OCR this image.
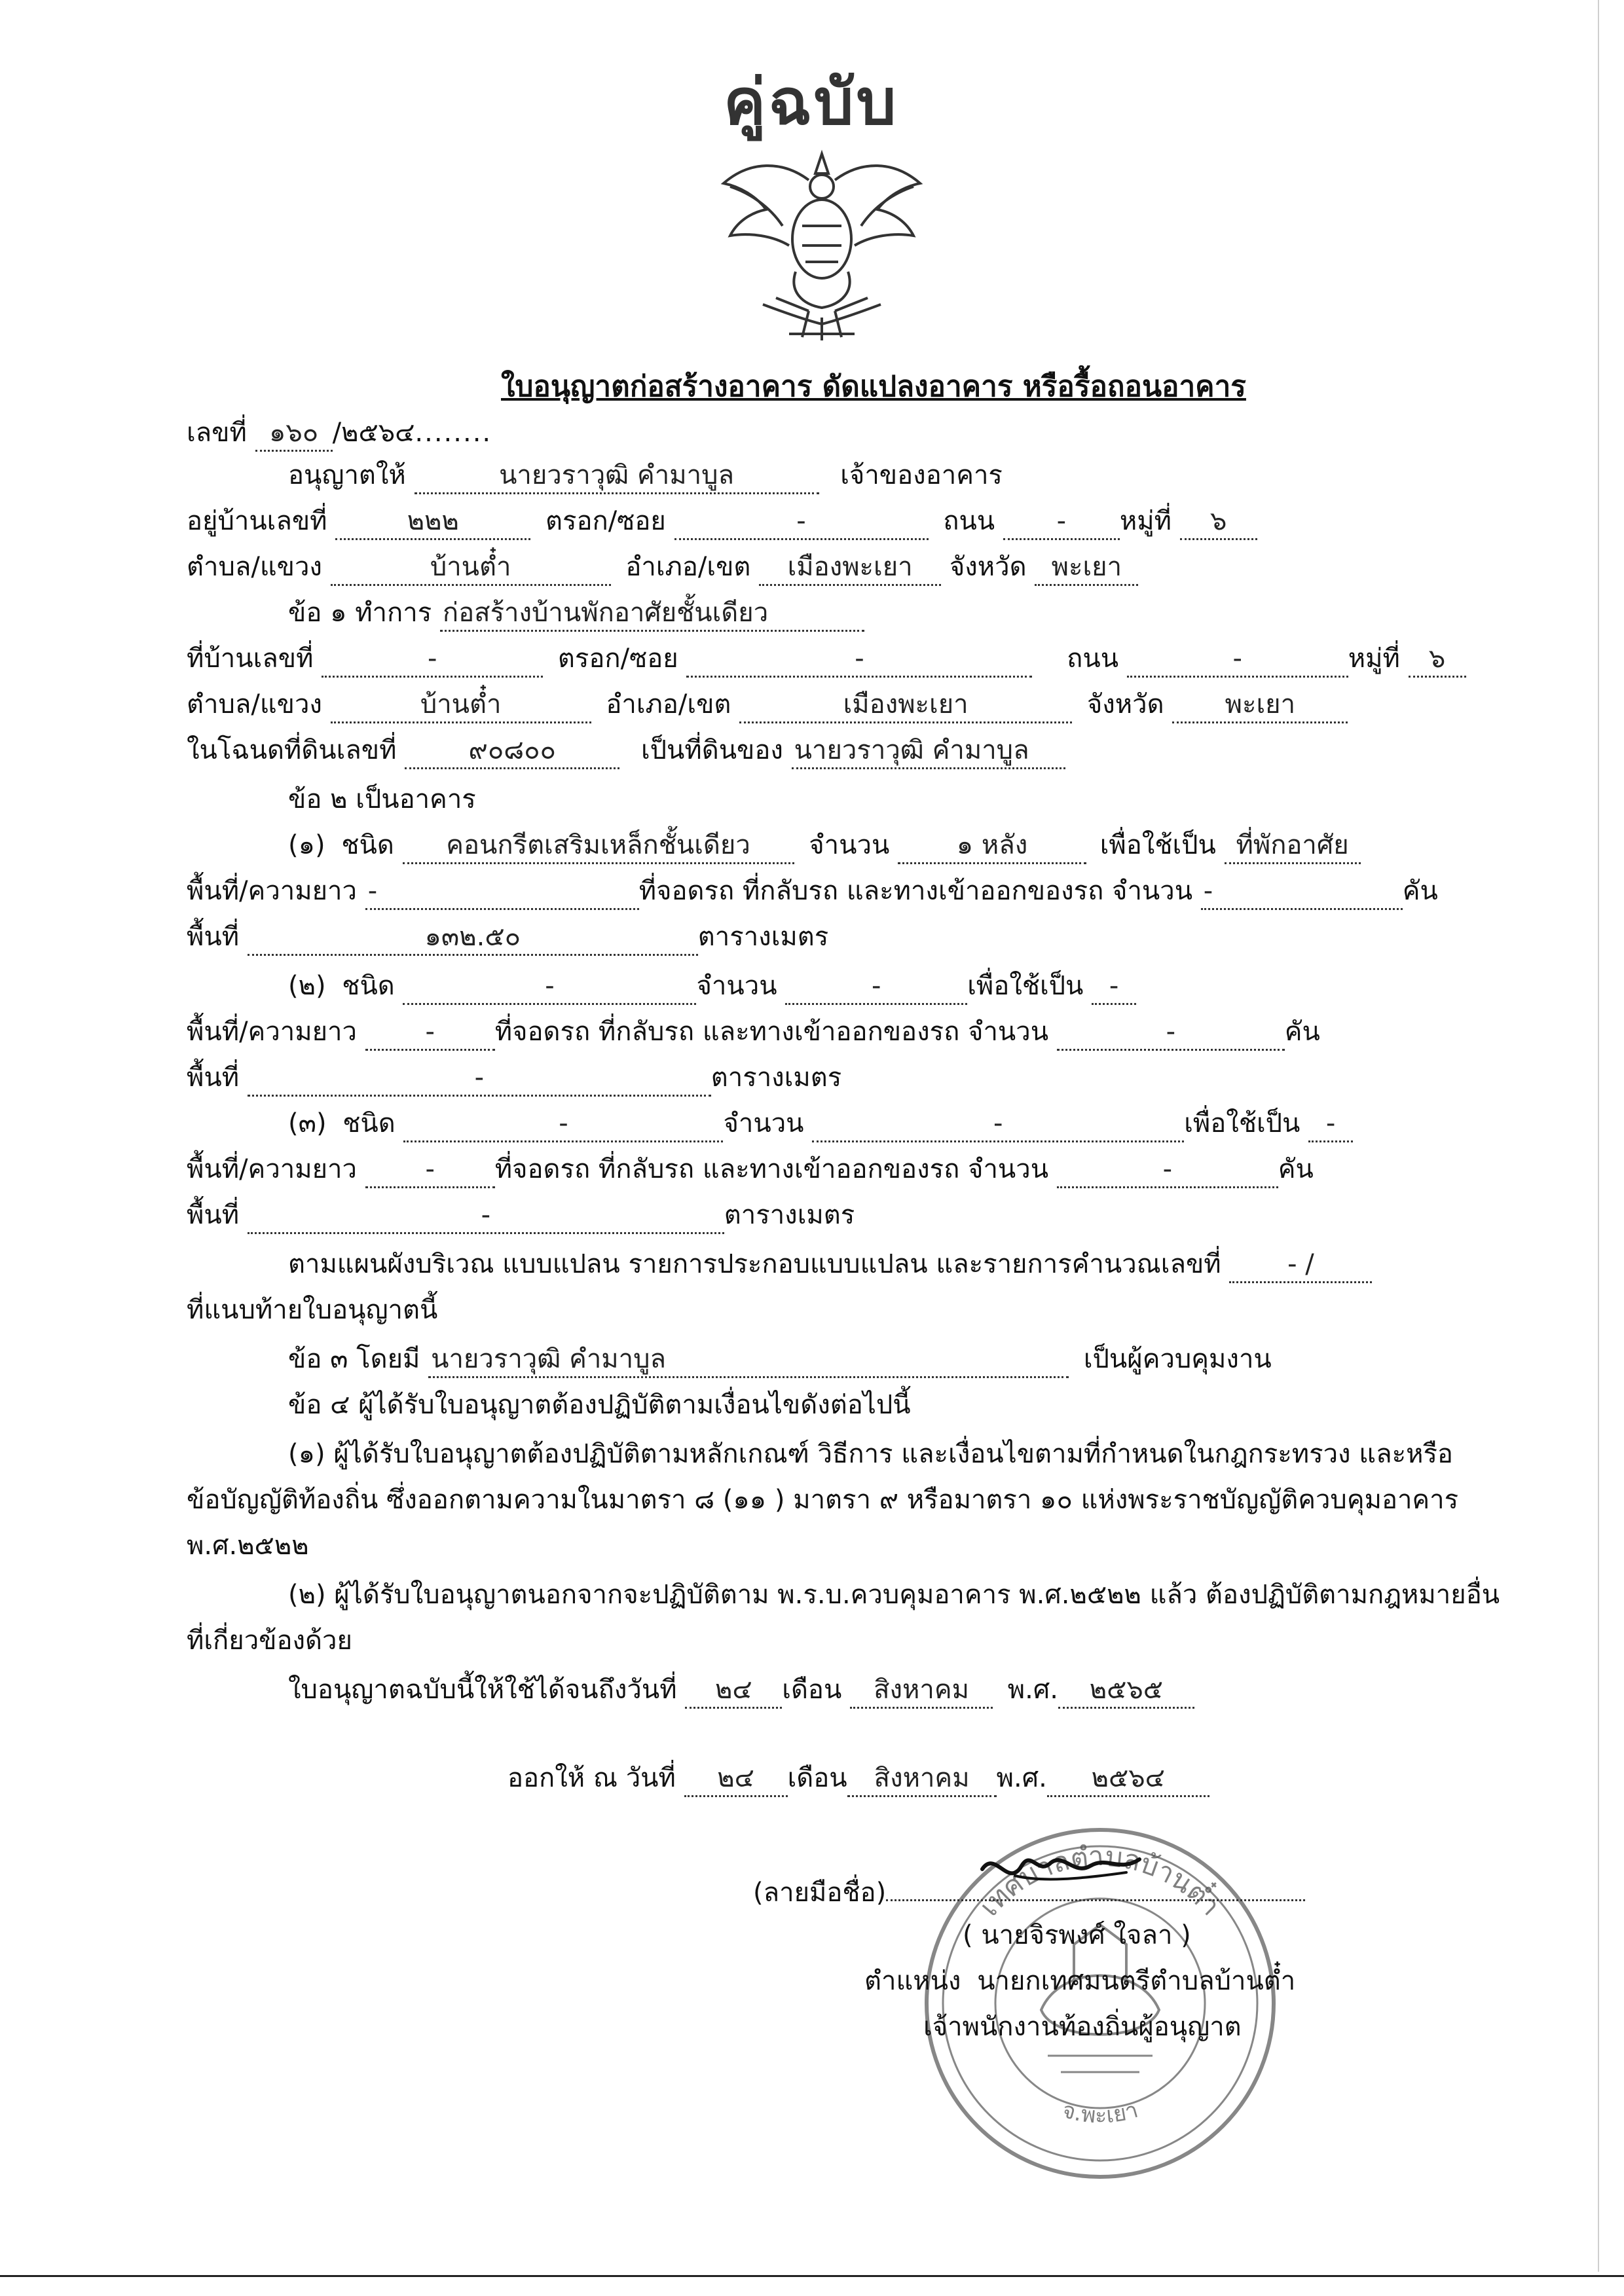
คู่ฉบับ
ใบอนุญาตก่อสร้างอาคาร ดัดแปลงอาคาร หรือรื้อถอนอาคาร
เลขที่ ๑๖๐ /๒๕๖๔........
อนุญาตให้	นายวราวุฒิ คำมาบูล	เจ้าของอาคาร
อยู่บ้านเลขที่	๒๒๒	ตรอก/ซอย	-	ถนน - หมู่ที่ ๖
ตำบล/แขวง	บ้านต๋ำ	อำเภอ/เขต เมืองพะเยา จังหวัด พะเยา
ข้อ ๑ ทำการ ก่อสร้างบ้านพักอาศัยชั้นเดียว
ที่บ้านเลขที่	-	ตรอก/ซอย	-	ถนน	-	หมู่ที่ ๖
ตำบล/แขวง	บ้านต๋ำ	อำเภอ/เขต	เมืองพะเยา	จังหวัด พะเยา
ในโฉนดที่ดินเลขที่	๙๐๘๐๐	เป็นที่ดินของ นายวราวุฒิ คำมาบูล
ข้อ ๒ เป็นอาคาร
(๑) ชนิด คอนกรีตเสริมเหล็กชั้นเดียว จำนวน	๑ หลัง	เพื่อใช้เป็น ที่พักอาศัย
พื้นที่/ความยาว -	ที่จอดรถ ที่กลับรถ และทางเข้าออกของรถ จำนวน -	คัน
พื้นที่	๑๓๒.๕๐	ตารางเมตร
(๒) ชนิด	-	จำนวน	-	เพื่อใช้เป็น -
พื้นที่/ความยาว	- ที่จอดรถ ที่กลับรถ และทางเข้าออกของรถ จำนวน	-	คัน
พื้นที่	-	ตารางเมตร
(๓) ชนิด	-	จำนวน	-	เพื่อใช้เป็น -
พื้นที่/ความยาว	- ที่จอดรถ ที่กลับรถ และทางเข้าออกของรถ จำนวน	-	คัน
พื้นที่	-	ตารางเมตร
ตามแผนผังบริเวณ แบบแปลน รายการประกอบแบบแปลน และรายการคำนวณเลขที่	- /
ที่แนบท้ายใบอนุญาตนี้
ข้อ ๓ โดยมี นายวราวุฒิ คำมาบูล	เป็นผู้ควบคุมงาน
ข้อ ๔ ผู้ได้รับใบอนุญาตต้องปฏิบัติตามเงื่อนไขดังต่อไปนี้
(๑) ผู้ได้รับใบอนุญาตต้องปฏิบัติตามหลักเกณฑ์ วิธีการ และเงื่อนไขตามที่กำหนดในกฎกระทรวง และหรือ
ข้อบัญญัติท้องถิ่น ซึ่งออกตามความในมาตรา ๘ (๑๑ ) มาตรา ๙ หรือมาตรา ๑๐ แห่งพระราชบัญญัติควบคุมอาคาร
พ.ศ.๒๕๒๒
(๒) ผู้ได้รับใบอนุญาตนอกจากจะปฏิบัติตาม พ.ร.บ.ควบคุมอาคาร พ.ศ.๒๕๒๒ แล้ว ต้องปฏิบัติตามกฎหมายอื่น
ที่เกี่ยวข้องด้วย
ใบอนุญาตฉบับนี้ให้ใช้ได้จนถึงวันที่ ๒๔ เดือน สิงหาคม พ.ศ. ๒๕๖๕
ออกให้ ณ วันที่ ๒๔ เดือน สิงหาคม พ.ศ. ๒๕๖๔
เทศบาลตำบลบ้านต๋ำ
จ.พะเยา
(ลายมือชื่อ)
( นายจิรพงศ์ ใจลา )
ตำแหน่ง นายกเทศมนตรีตำบลบ้านต๋ำ
เจ้าพนักงานท้องถิ่นผู้อนุญาต
